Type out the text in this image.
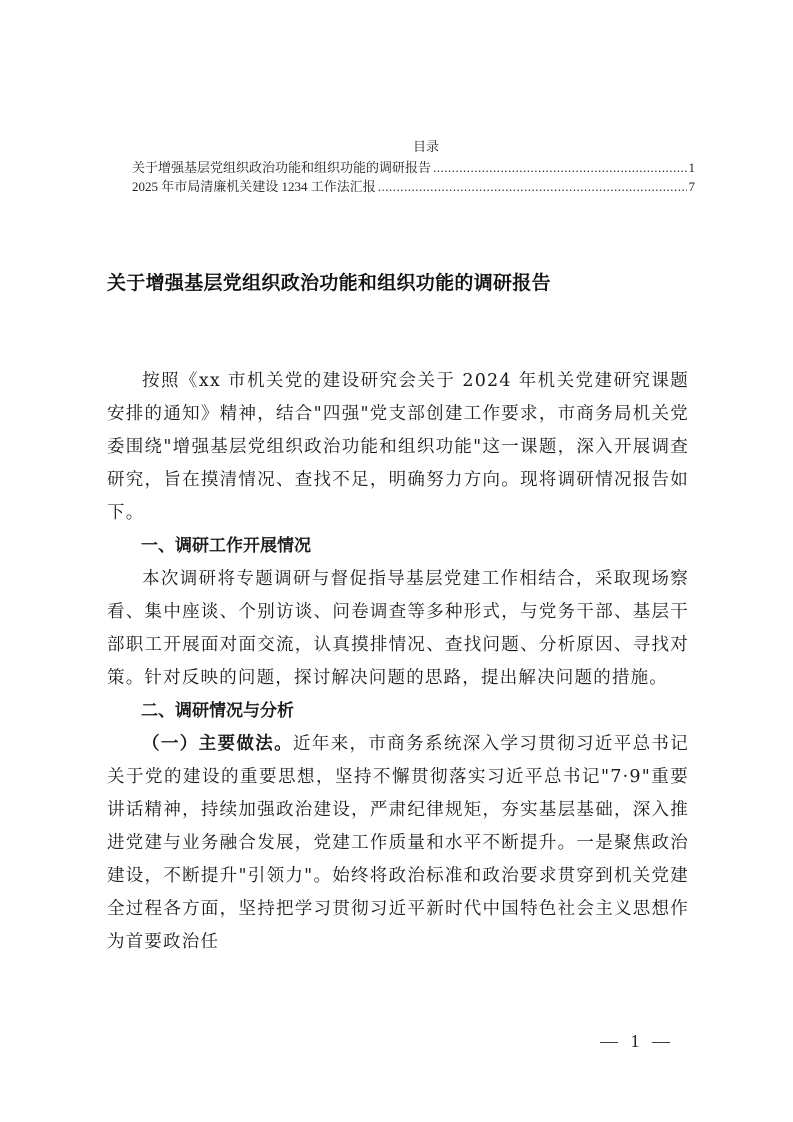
目录
关于增强基层党组织政治功能和组织功能的调研报告 .....	1
2025 年市局清廉机关建设 1234 工作法汇报 .....	7
关于增强基层党组织政治功能和组织功能的调研报告

按照《xx 市机关党的建设研究会关于 2024 年机关党建研究课题安排的通知》精神，结合"四强"党支部创建工作要求，市商务局机关党委围绕"增强基层党组织政治功能和组织功能"这一课题，深入开展调查研究，旨在摸清情况、查找不足，明确努力方向。现将调研情况报告如下。

一、调研工作开展情况

本次调研将专题调研与督促指导基层党建工作相结合，采取现场察看、集中座谈、个别访谈、问卷调查等多种形式，与党务干部、基层干部职工开展面对面交流，认真摸排情况、查找问题、分析原因、寻找对策。针对反映的问题，探讨解决问题的思路，提出解决问题的措施。

二、调研情况与分析

（一）主要做法。近年来，市商务系统深入学习贯彻习近平总书记关于党的建设的重要思想，坚持不懈贯彻落实习近平总书记"7·9"重要讲话精神，持续加强政治建设，严肃纪律规矩，夯实基层基础，深入推进党建与业务融合发展，党建工作质量和水平不断提升。一是聚焦政治建设，不断提升"引领力"。始终将政治标准和政治要求贯穿到机关党建全过程各方面，坚持把学习贯彻习近平新时代中国特色社会主义思想作为首要政治任

— 1 —
